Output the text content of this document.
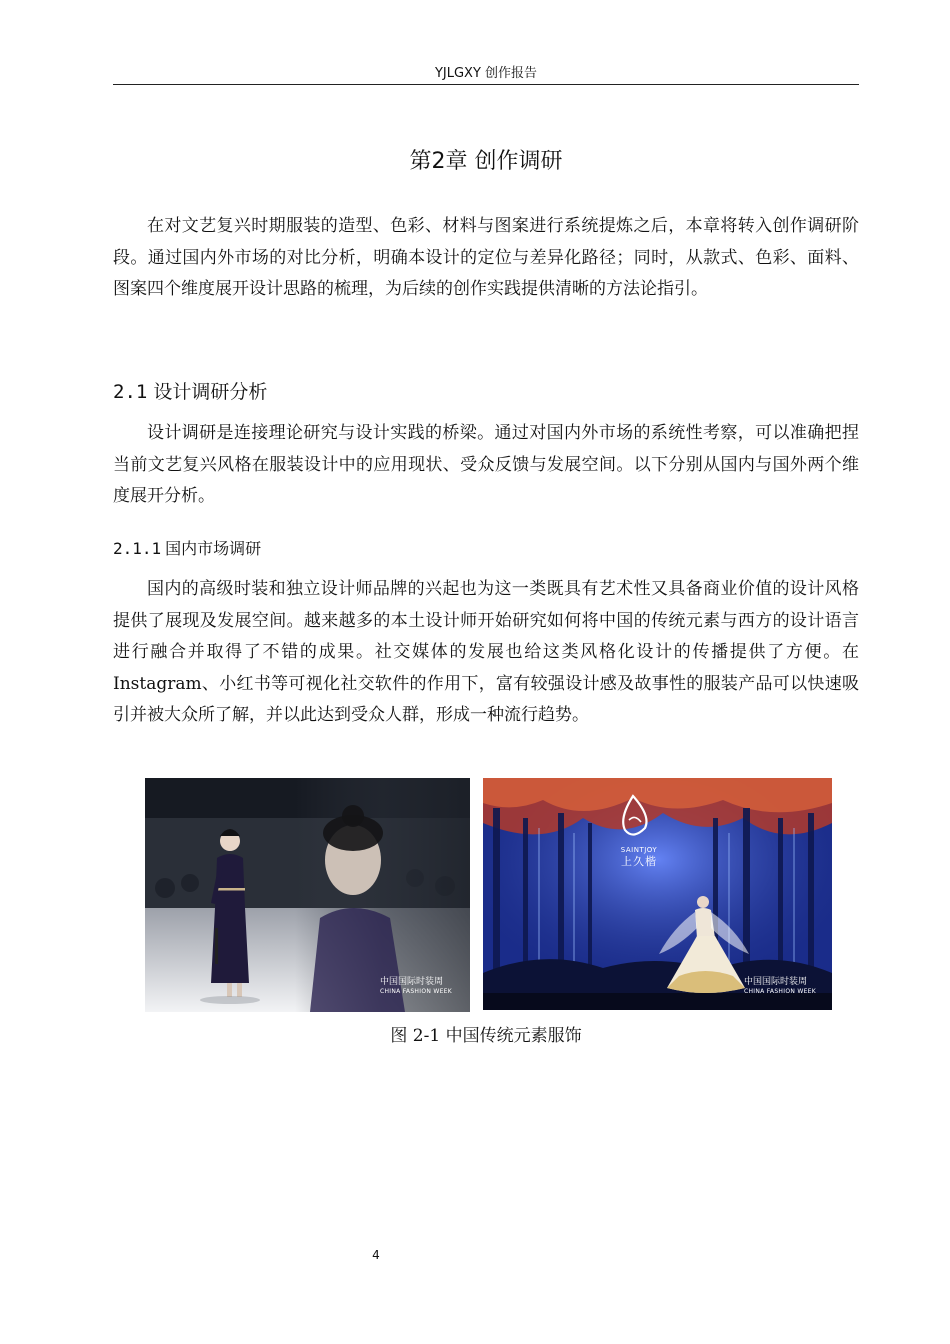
YJLGXY 创作报告
第2章 创作调研

在对文艺复兴时期服装的造型、色彩、材料与图案进行系统提炼之后，本章将转入创作调研阶段。通过国内外市场的对比分析，明确本设计的定位与差异化路径；同时，从款式、色彩、面料、图案四个维度展开设计思路的梳理，为后续的创作实践提供清晰的方法论指引。

2.1 设计调研分析

设计调研是连接理论研究与设计实践的桥梁。通过对国内外市场的系统性考察，可以准确把捏当前文艺复兴风格在服装设计中的应用现状、受众反馈与发展空间。以下分别从国内与国外两个维度展开分析。

2.1.1 国内市场调研

国内的高级时装和独立设计师品牌的兴起也为这一类既具有艺术性又具备商业价值的设计风格提供了展现及发展空间。越来越多的本土设计师开始研究如何将中国的传统元素与西方的设计语言进行融合并取得了不错的成果。社交媒体的发展也给这类风格化设计的传播提供了方便。在 Instagram、小红书等可视化社交软件的作用下，富有较强设计感及故事性的服装产品可以快速吸引并被大众所了解，并以此达到受众人群，形成一种流行趋势。

中国国际时装周
CHINA FASHION WEEK
SAINTJOY
上久楷
中国国际时装周
CHINA FASHION WEEK
图 2-1 中国传统元素服饰
4
